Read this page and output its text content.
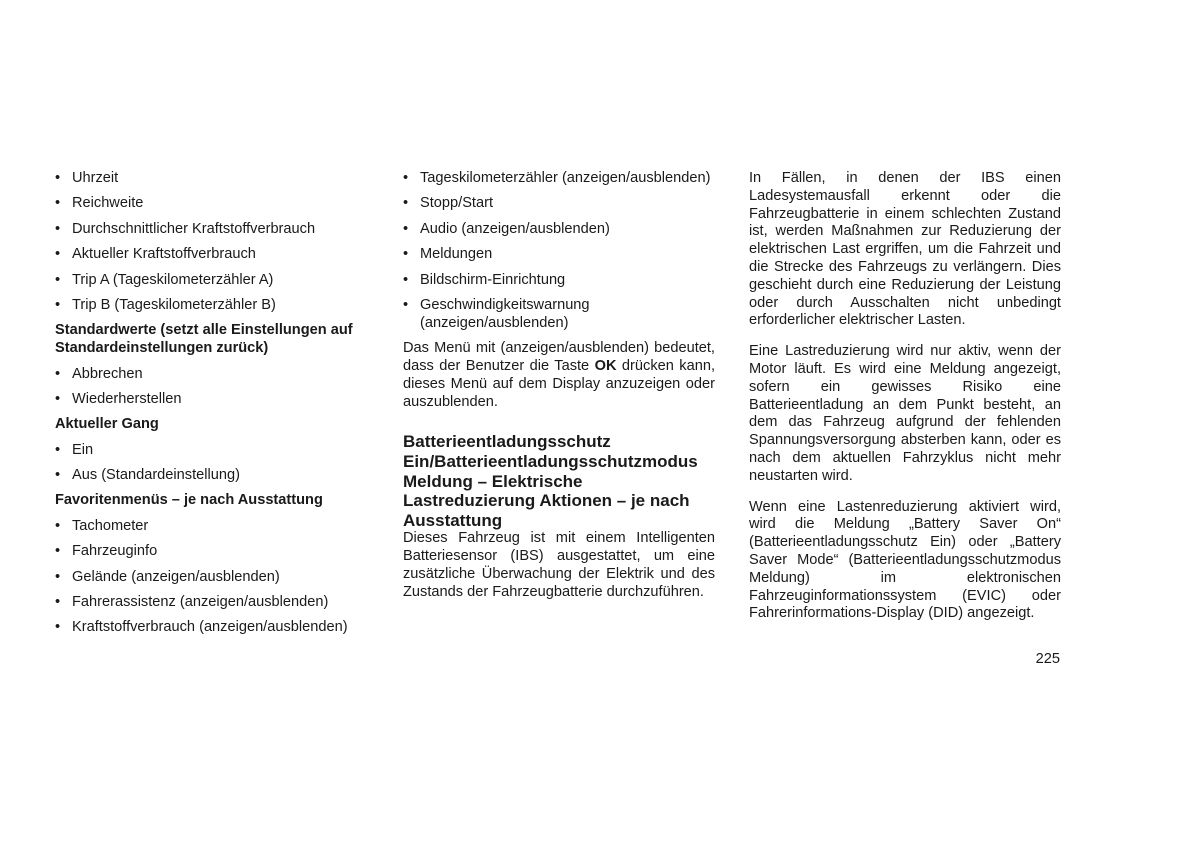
• Uhrzeit
• Reichweite
• Durchschnittlicher Kraftstoffverbrauch
• Aktueller Kraftstoffverbrauch
• Trip A (Tageskilometerzähler A)
• Trip B (Tageskilometerzähler B)
Standardwerte (setzt alle Einstellungen auf Standardeinstellungen zurück)
• Abbrechen
• Wiederherstellen
Aktueller Gang
• Ein
• Aus (Standardeinstellung)
Favoritenmenüs – je nach Ausstattung
• Tachometer
• Fahrzeuginfo
• Gelände (anzeigen/ausblenden)
• Fahrerassistenz (anzeigen/ausblenden)
• Kraftstoffverbrauch (anzeigen/ausblenden)
• Tageskilometerzähler (anzeigen/ausblenden)
• Stopp/Start
• Audio (anzeigen/ausblenden)
• Meldungen
• Bildschirm-Einrichtung
• Geschwindigkeitswarnung (anzeigen/ausblenden)

Das Menü mit (anzeigen/ausblenden) bedeutet, dass der Benutzer die Taste OK drücken kann, dieses Menü auf dem Display anzuzeigen oder auszublenden.

Batterieentladungsschutz Ein/Batterieentladungsschutzmodus Meldung – Elektrische Lastreduzierung Aktionen – je nach Ausstattung

Dieses Fahrzeug ist mit einem Intelligenten Batteriesensor (IBS) ausgestattet, um eine zusätzliche Überwachung der Elektrik und des Zustands der Fahrzeugbatterie durchzuführen.

In Fällen, in denen der IBS einen Ladesystemausfall erkennt oder die Fahrzeugbatterie in einem schlechten Zustand ist, werden Maßnahmen zur Reduzierung der elektrischen Last ergriffen, um die Fahrzeit und die Strecke des Fahrzeugs zu verlängern. Dies geschieht durch eine Reduzierung der Leistung oder durch Ausschalten nicht unbedingt erforderlicher elektrischer Lasten.

Eine Lastreduzierung wird nur aktiv, wenn der Motor läuft. Es wird eine Meldung angezeigt, sofern ein gewisses Risiko eine Batterieentladung an dem Punkt besteht, an dem das Fahrzeug aufgrund der fehlenden Spannungsversorgung absterben kann, oder es nach dem aktuellen Fahrzyklus nicht mehr neustarten wird.

Wenn eine Lastenreduzierung aktiviert wird, wird die Meldung „Battery Saver On“ (Batterieentladungsschutz Ein) oder „Battery Saver Mode“ (Batterieentladungsschutzmodus Meldung) im elektronischen Fahrzeuginformationssystem (EVIC) oder Fahrerinformations-Display (DID) angezeigt.

225
